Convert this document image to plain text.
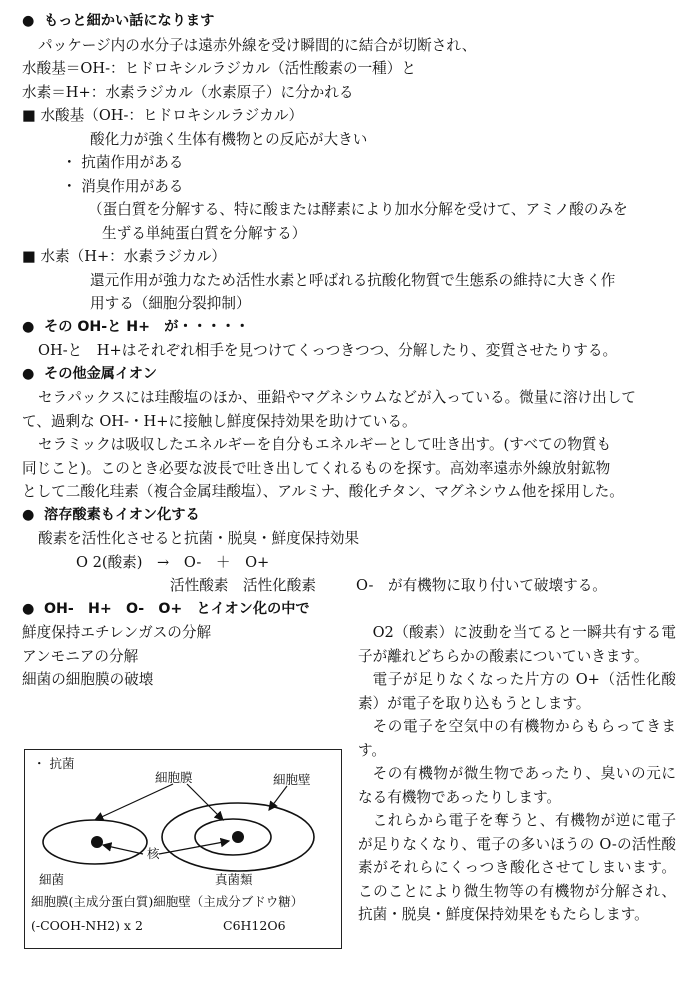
● もっと細かい話になります
パッケージ内の水分子は遠赤外線を受け瞬間的に結合が切断され、
水酸基＝OH-：ヒドロキシルラジカル（活性酸素の一種）と
水素＝H+：水素ラジカル（水素原子）に分かれる
■ 水酸基（OH-：ヒドロキシルラジカル）
酸化力が強く生体有機物との反応が大きい
・ 抗菌作用がある
・ 消臭作用がある
（蛋白質を分解する、特に酸または酵素により加水分解を受けて、アミノ酸のみを
生ずる単純蛋白質を分解する）
■ 水素（H+：水素ラジカル）
還元作用が強力なため活性水素と呼ばれる抗酸化物質で生態系の維持に大きく作
用する（細胞分裂抑制）
● その OH-と H+　が・・・・・
OH-と　H+はそれぞれ相手を見つけてくっつきつつ、分解したり、変質させたりする。
● その他金属イオン
セラパックスには珪酸塩のほか、亜鉛やマグネシウムなどが入っている。微量に溶け出して
て、過剰な OH-・H+に接触し鮮度保持効果を助けている。
セラミックは吸収したエネルギーを自分もエネルギーとして吐き出す。(すべての物質も
同じこと)。このとき必要な波長で吐き出してくれるものを探す。高効率遠赤外線放射鉱物
として二酸化珪素（複合金属珪酸塩）、アルミナ、酸化チタン、マグネシウム他を採用した。
● 溶存酸素もイオン化する
酸素を活性化させると抗菌・脱臭・鮮度保持効果
O 2(酸素)　→　O-　＋　O+
活性酸素　活性化酸素	O-　が有機物に取り付いて破壊する。
● OH-　H+　O-　O+　とイオン化の中で
鮮度保持エチレンガスの分解
アンモニアの分解
細菌の細胞膜の破壊
・ 抗菌
細胞膜	細胞壁
核
細菌	真菌類
細胞膜(主成分蛋白質)細胞壁（主成分ブドウ糖）
(-COOH-NH2) x 2	C6H12O6

O2（酸素）に波動を当てると一瞬共有する電子が離れどちらかの酸素についていきます。

電子が足りなくなった片方の O+（活性化酸素）が電子を取り込もうとします。

その電子を空気中の有機物からもらってきます。

その有機物が微生物であったり、臭いの元になる有機物であったりします。

これらから電子を奪うと、有機物が逆に電子が足りなくなり、電子の多いほうの O-の活性酸素がそれらにくっつき酸化させてしまいます。このことにより微生物等の有機物が分解され、抗菌・脱臭・鮮度保持効果をもたらします。
